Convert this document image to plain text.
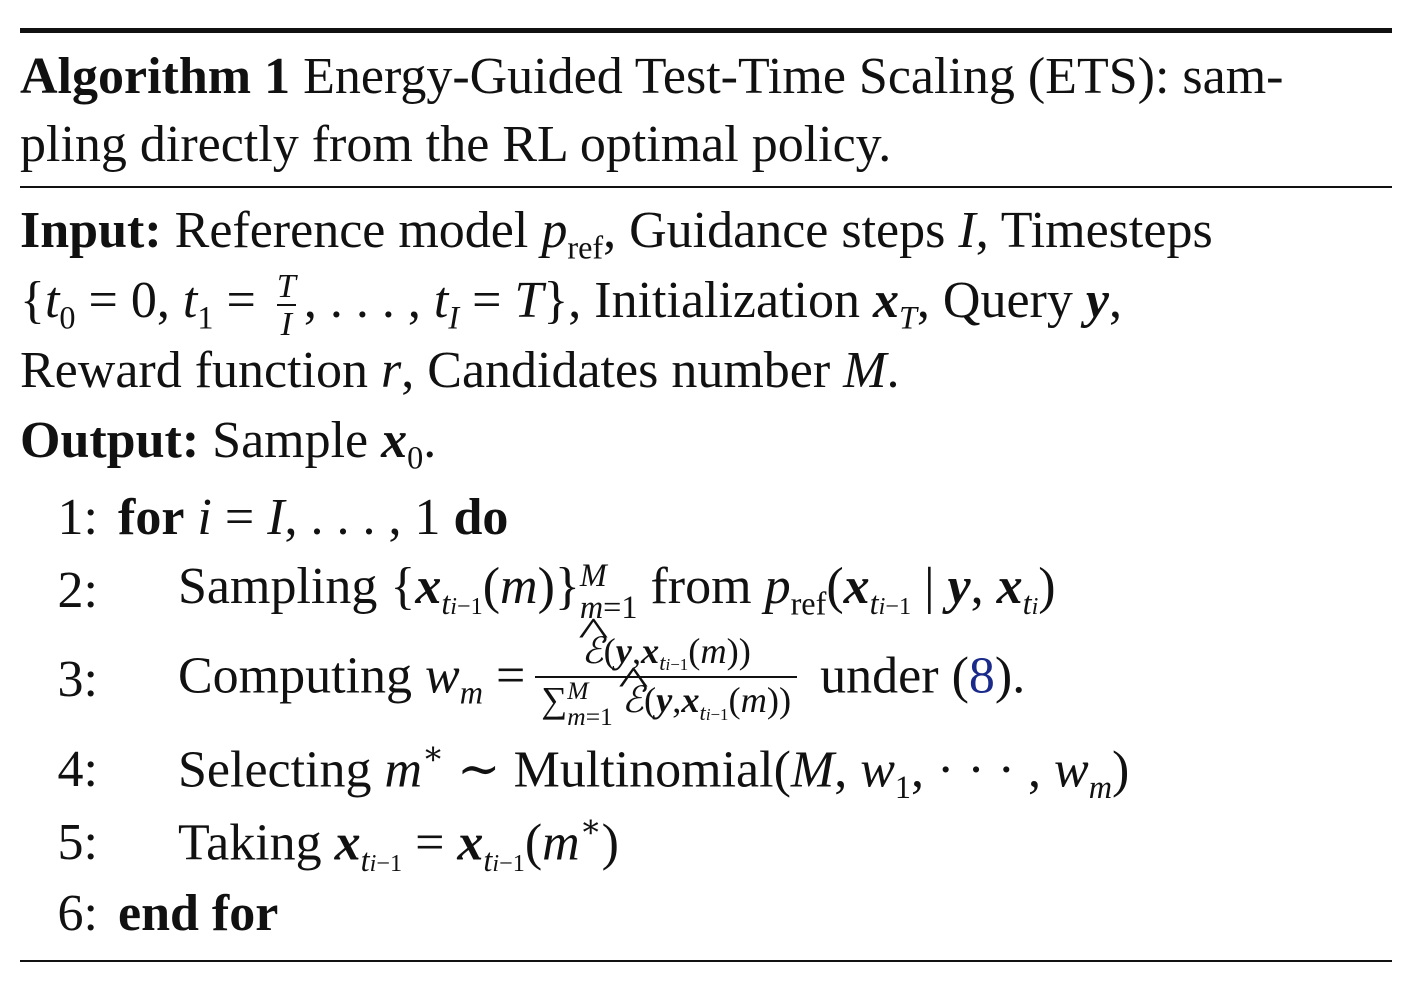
Algorithm 1 Energy-Guided Test-Time Scaling (ETS): sam-
pling directly from the RL optimal policy.
Input: Reference model $p_{ref}$, Guidance steps I, Timesteps
{$t_0 = 0$, $t_1 = \frac{T}{I}$ , . . . , $t_I = T$}, Initialization $x_T$, Query y,
Reward function r, Candidates number M.
Output: Sample $x_0$.
1: for i = I, . . . , 1 do
2:	Sampling $\{x_{ti-1}(m)\}$ M
m=1 from $p_{ref}(x_{ti-1}$ | y, $x_{ti}$)
3:	Computing $w_m$ = ^ $ℰ(y,x_{ti-1}(m))$
∑ M
m=1 ^ $ℰ(y,x_{ti-1}(m))$ under (8).
4:	Selecting m∗ ∼ Multinomial(M, $w_1$, · · · , $w_m$)
5:	Taking $x_{ti-1} = x_{ti-1}(m^∗)$
6: end for
